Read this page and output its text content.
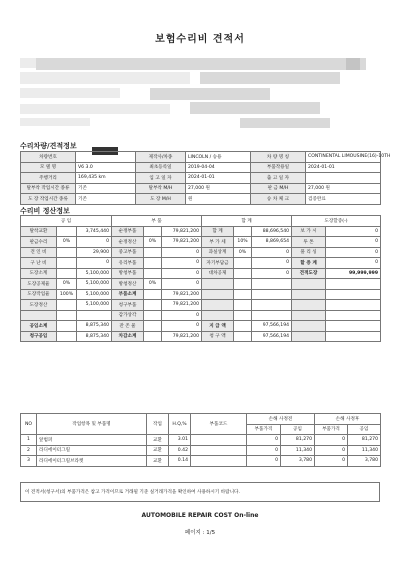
보험수리비 견적서
수리차량/견적정보
차량번호		제작사/차종	LINCOLN / 승용	차 량 명 칭	CONTINENTAL LIMOUSINE(16)-10TH
모 델 명	V6 3.0	최초등록일	2019-04-04	부품작용일	2024-01-01
주행거리	169,435 km	입 고 일 자	2024-01-01	출 고 일 자	
탈부착 작업시간 종류	기존	탈부착 M/H	27,000 원	판 금 M/H	27,000 원
도 장 작업시간 종류	기존	도 장 M/H	원	승 차 체 크	검증완료
수리비 정산정보
공 임			부 품			합 계			도장할증(-)	
탈착교환		3,745,440	순정부품		79,821,200	합 계		88,696,540	보 가 시	0
판금수리	0%	0	순정정산	0%	79,821,200	부 가 세	10%	8,869,654	투 톤	0
견 인 비		29,900	중고부품		0	과실상계	0%	0	풀 리 싱	0
구 난 비		0	유리부품		0	자기부담금		0	할 증 계	0
도장소계		5,100,000	방청부품		0	대차공제		0	견적도장	99,999,999
도장공제율	0%	5,100,000	방청정산	0%	0					
도장작업율	100%	5,100,000	부품소계		79,821,200					
도장정산		5,100,000	청구부품		79,821,200					
			감가상각		0					
공임소계		8,875,340	잔 존 물		0	지 급 액		97,566,194		
청구공임		8,875,340	차감소계		79,821,200	청 구 액		97,566,194		
NO	작업항목 및 부품명	작업	H.Q,%	부품코드	손해 사정전		손해 사정후	
					부품가격	공임	부품가격	공임
1	앞범퍼	교환	3.01		0	81,270	0	81,270
2	라디에이터그릴	교환	0.42		0	11,340	0	11,340
3	라디에이터그릴브라켓	교환	0.14		0	3,780	0	3,780
이 견적서(청구서)의 부품가격은 참고 가격이므로 거래될 기준 실거래가격을 확인하여 사용하시기 바랍니다.
AUTOMOBILE REPAIR COST On-line
페이지 : 1/5
